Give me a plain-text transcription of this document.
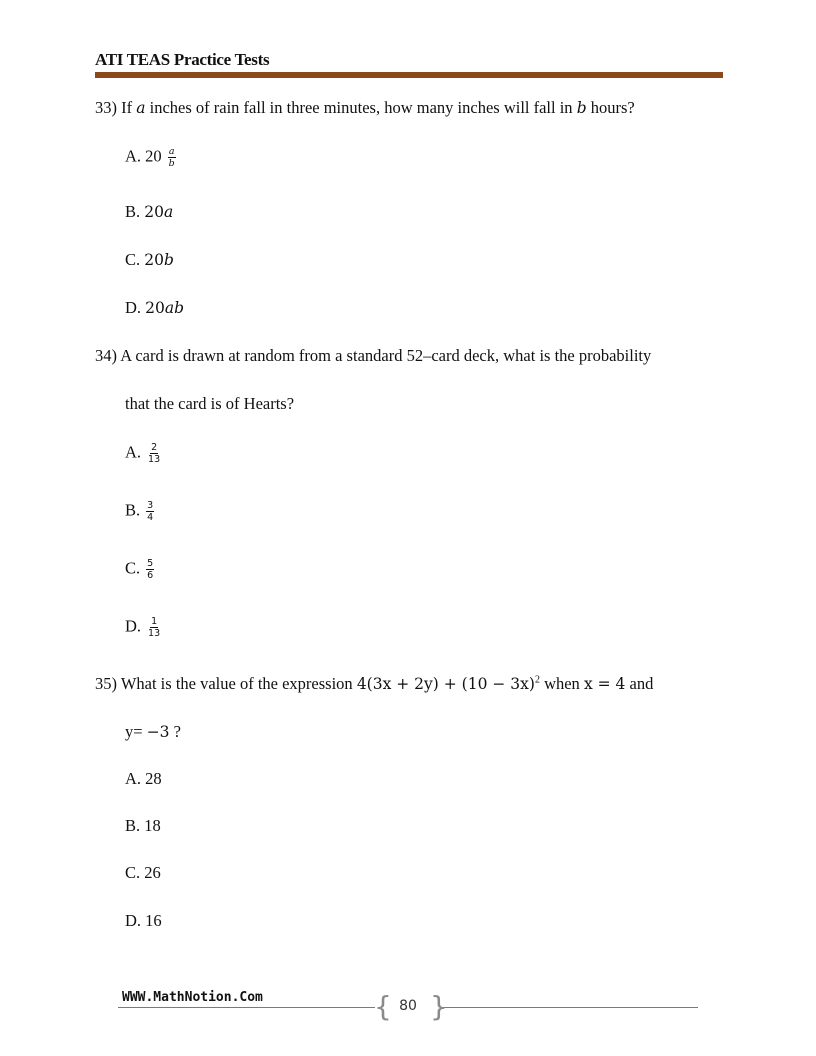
ATI TEAS Practice Tests
33) If a inches of rain fall in three minutes, how many inches will fall in b hours?
A. $20 \frac{a}{b}$
B. 20a
C. 20b
D. 20ab
34) A card is drawn at random from a standard 52–card deck, what is the probability
that the card is of Hearts?
A. $\frac{2}{13}$
B. $\frac{3}{4}$
C. $\frac{5}{6}$
D. $\frac{1}{13}$
35) What is the value of the expression $4(3x + 2y) + (10 - 3x)^2$ when x = 4 and
y= −3 ?
A. 28
B. 18
C. 26
D. 16
WWW.MathNotion.Com	{ }
80
